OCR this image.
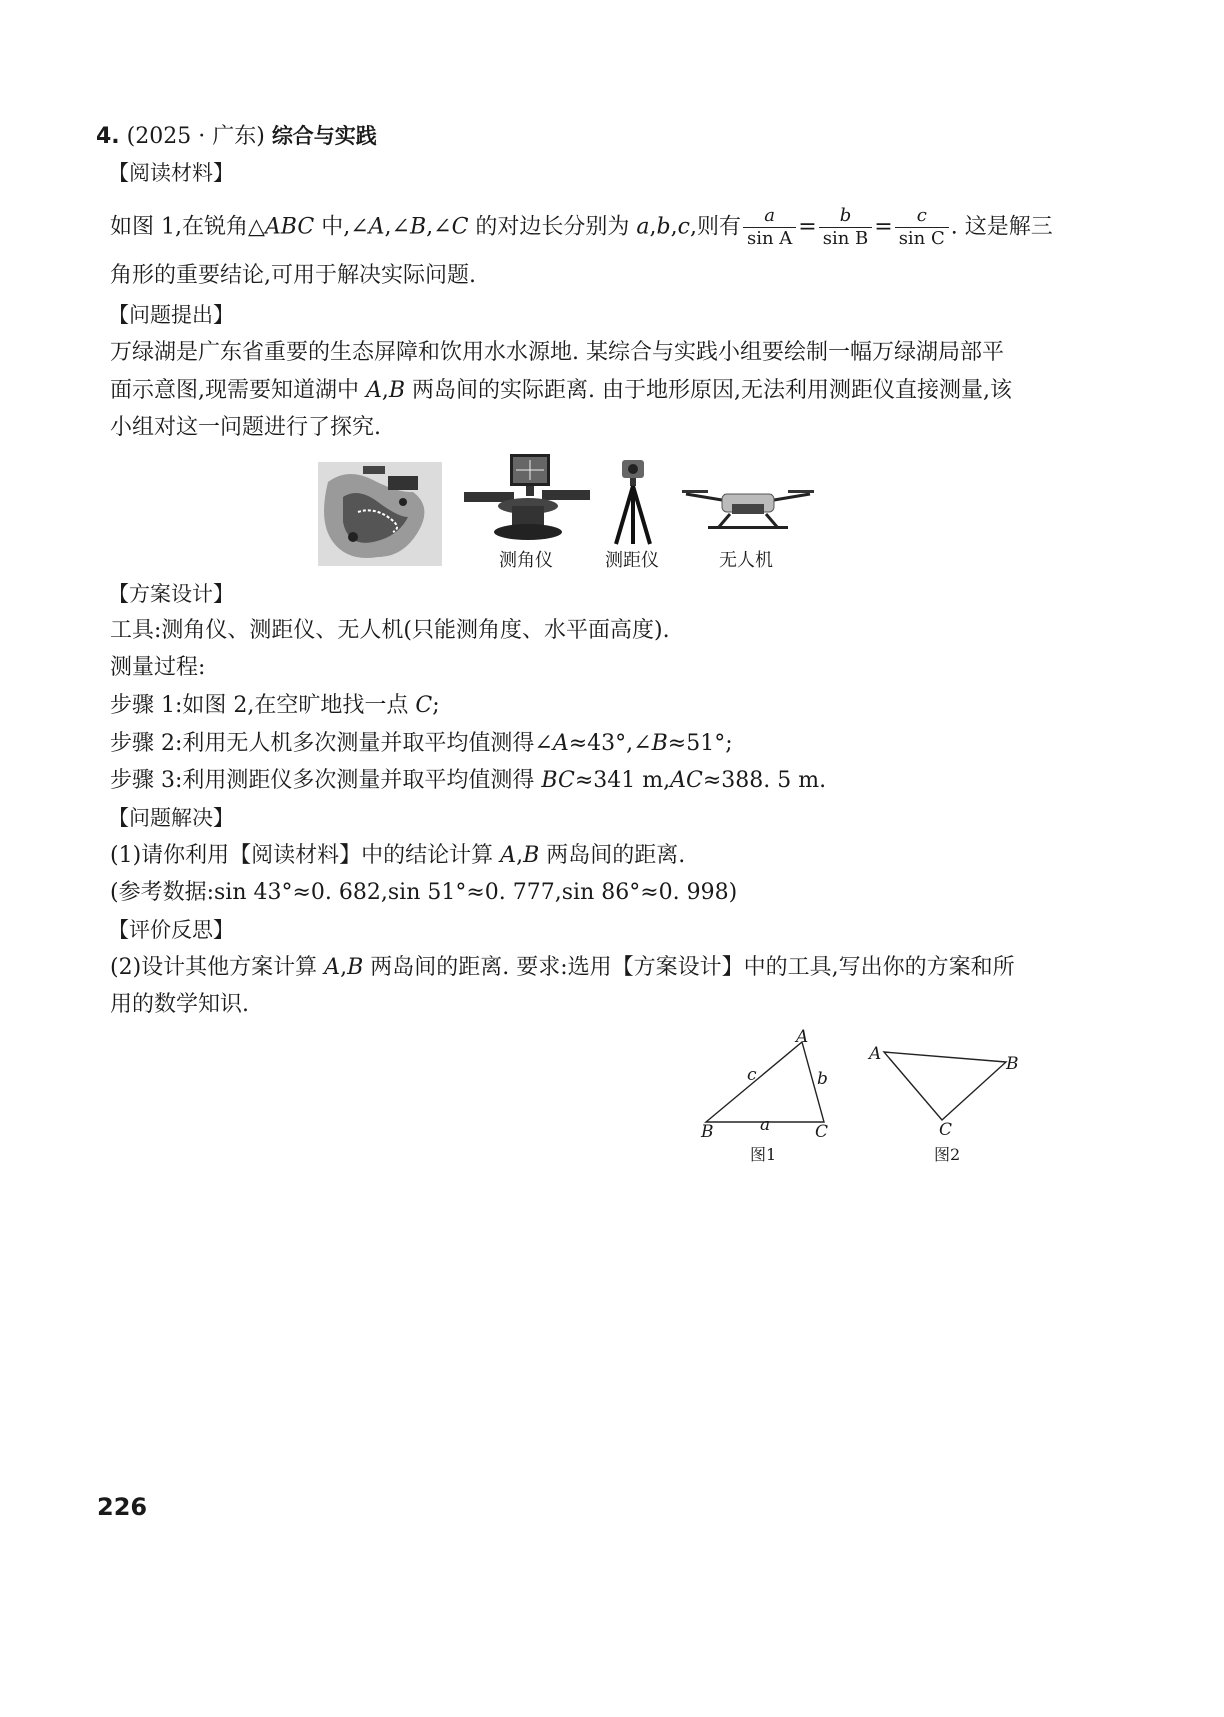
4. (2025 · 广东) 综合与实践
【阅读材料】
如图 1,在锐角△ABC 中,∠A,∠B,∠C 的对边长分别为 a,b,c,则有 $\frac{a}{\text{sin A}} = \frac{b}{\text{sin B}} = \frac{c}{\text{sin C}}$ . 这是解三
角形的重要结论,可用于解决实际问题.
【问题提出】
万绿湖是广东省重要的生态屏障和饮用水水源地. 某综合与实践小组要绘制一幅万绿湖局部平
面示意图,现需要知道湖中 A,B 两岛间的实际距离. 由于地形原因,无法利用测距仪直接测量,该
小组对这一问题进行了探究.
测角仪	测距仪	无人机
【方案设计】
工具:测角仪、测距仪、无人机(只能测角度、水平面高度).
测量过程:
步骤 1:如图 2,在空旷地找一点 C;
步骤 2:利用无人机多次测量并取平均值测得∠A≈43°,∠B≈51°;
步骤 3:利用测距仪多次测量并取平均值测得 BC≈341 m,AC≈388. 5 m.
【问题解决】
(1)请你利用【阅读材料】中的结论计算 A,B 两岛间的距离.
(参考数据:sin 43°≈0. 682,sin 51°≈0. 777,sin 86°≈0. 998)
【评价反思】
(2)设计其他方案计算 A,B 两岛间的距离. 要求:选用【方案设计】中的工具,写出你的方案和所
用的数学知识.
A
B	C
a
b
c
图1
A	B
C
图2
226
